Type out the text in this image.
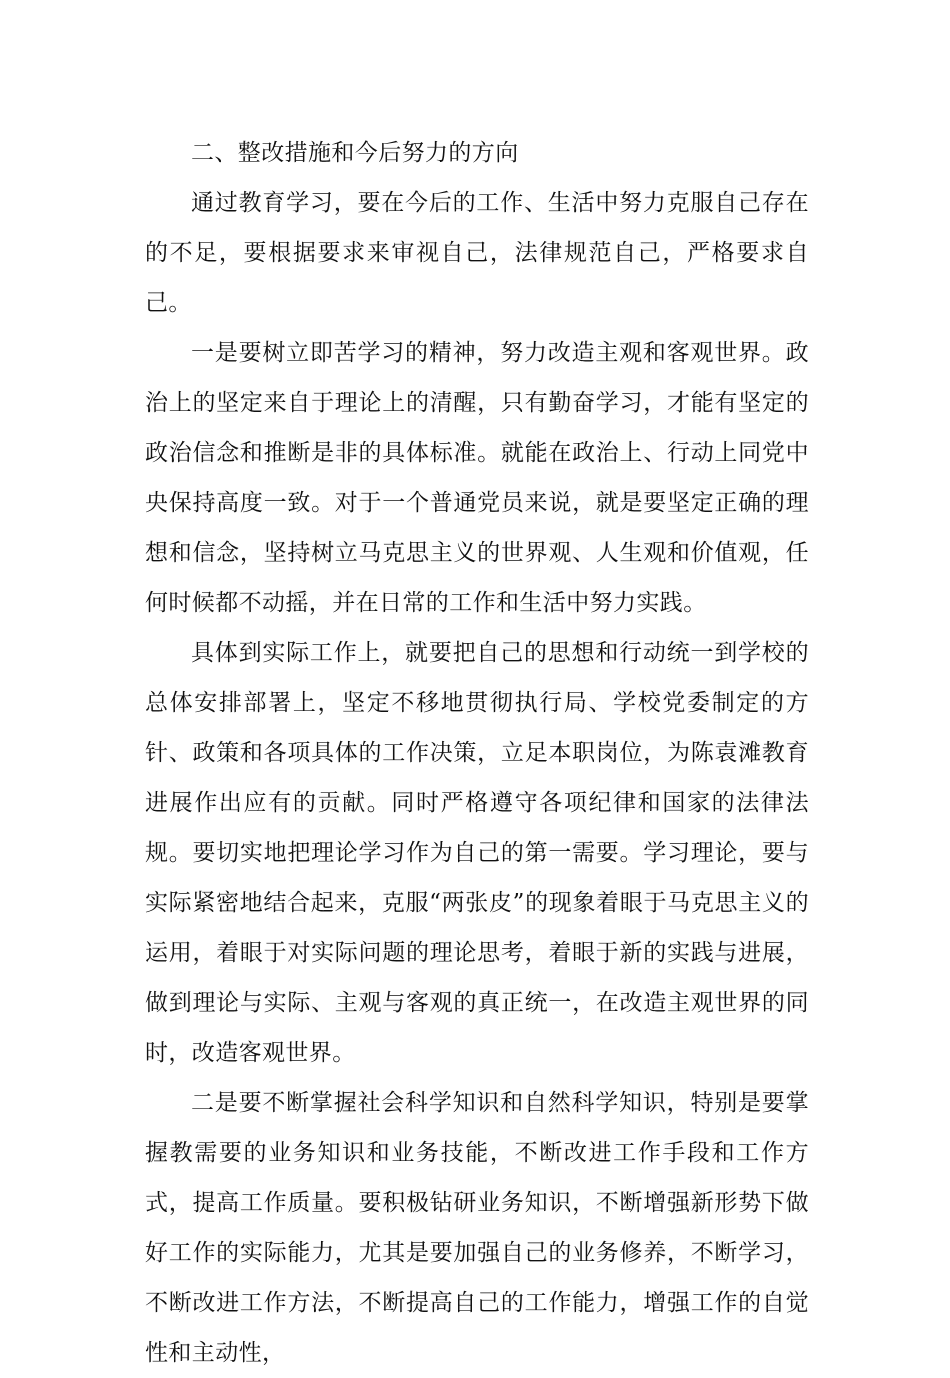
二、整改措施和今后努力的方向

通过教育学习，要在今后的工作、生活中努力克服自己存在的不足，要根据要求来审视自己，法律规范自己，严格要求自己。

一是要树立即苦学习的精神，努力改造主观和客观世界。政治上的坚定来自于理论上的清醒，只有勤奋学习，才能有坚定的政治信念和推断是非的具体标准。就能在政治上、行动上同党中央保持高度一致。对于一个普通党员来说，就是要坚定正确的理想和信念，坚持树立马克思主义的世界观、人生观和价值观，任何时候都不动摇，并在日常的工作和生活中努力实践。

具体到实际工作上，就要把自己的思想和行动统一到学校的总体安排部署上，坚定不移地贯彻执行局、学校党委制定的方针、政策和各项具体的工作决策，立足本职岗位，为陈袁滩教育进展作出应有的贡献。同时严格遵守各项纪律和国家的法律法规。要切实地把理论学习作为自己的第一需要。学习理论，要与实际紧密地结合起来，克服“两张皮”的现象着眼于马克思主义的运用，着眼于对实际问题的理论思考，着眼于新的实践与进展，做到理论与实际、主观与客观的真正统一，在改造主观世界的同时，改造客观世界。

二是要不断掌握社会科学知识和自然科学知识，特别是要掌握教需要的业务知识和业务技能，不断改进工作手段和工作方式，提高工作质量。要积极钻研业务知识，不断增强新形势下做好工作的实际能力，尤其是要加强自己的业务修养，不断学习，不断改进工作方法，不断提高自己的工作能力，增强工作的自觉性和主动性，
